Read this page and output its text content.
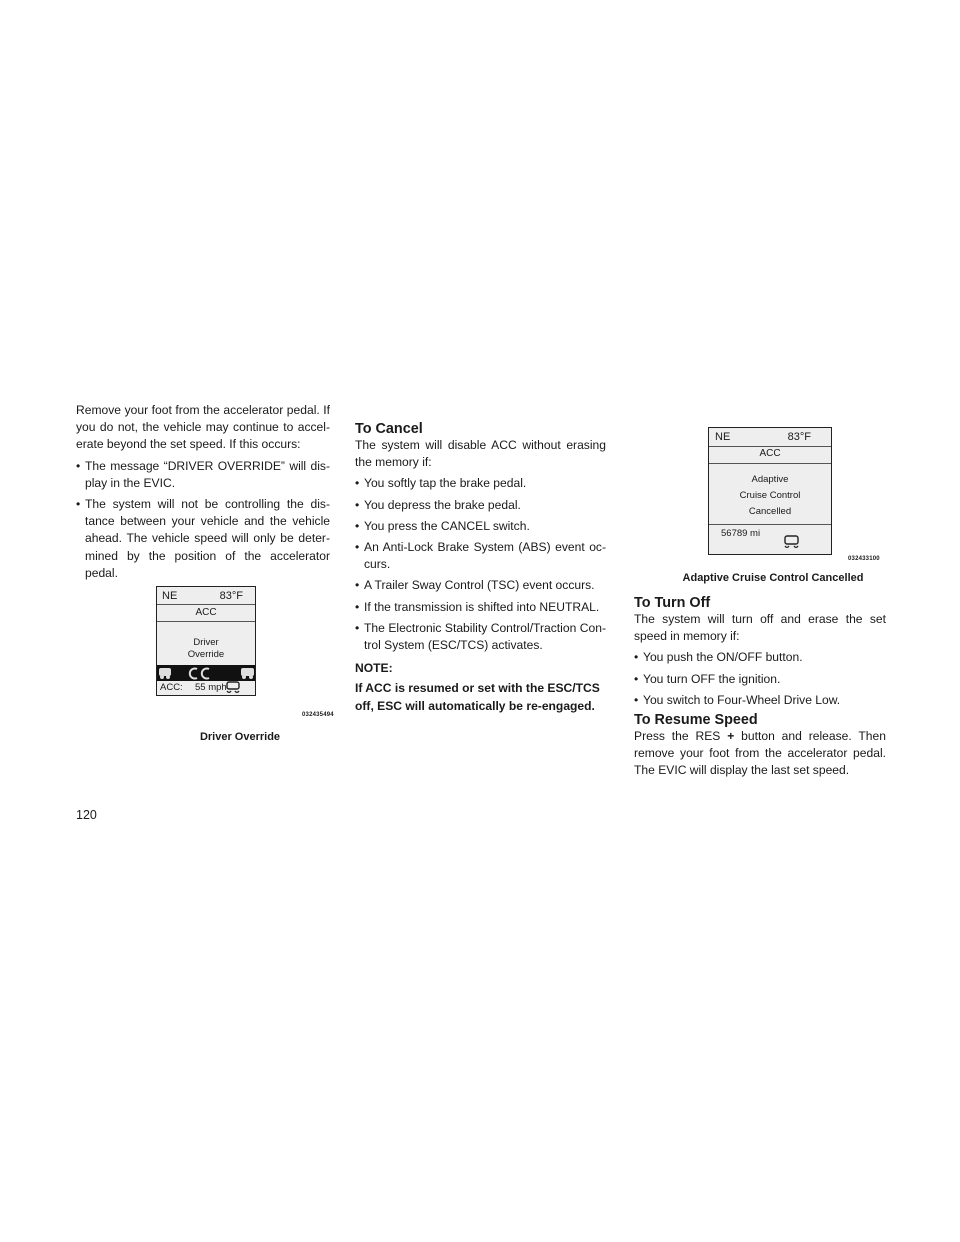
Remove your foot from the accelerator pedal. If you do not, the vehicle may continue to accel-erate beyond the set speed. If this occurs:

• The message “DRIVER OVERRIDE” will dis-play in the EVIC.
• The system will not be controlling the dis-tance between your vehicle and the vehicle ahead. The vehicle speed will only be deter-mined by the position of the accelerator pedal.
NE	83°F
ACC
Driver
Override
ACC: 55 mph
032435494
Driver Override
To Cancel

The system will disable ACC without erasing the memory if:

• You softly tap the brake pedal.
• You depress the brake pedal.
• You press the CANCEL switch.
• An Anti-Lock Brake System (ABS) event oc-curs.
• A Trailer Sway Control (TSC) event occurs.
• If the transmission is shifted into NEUTRAL.
• The Electronic Stability Control/Traction Con-trol System (ESC/TCS) activates.

NOTE:

If ACC is resumed or set with the ESC/TCS off, ESC will automatically be re-engaged.

NE	83°F
ACC
Adaptive
Cruise Control
Cancelled
56789 mi
032433100
Adaptive Cruise Control Cancelled
To Turn Off

The system will turn off and erase the set speed in memory if:

• You push the ON/OFF button.
• You turn OFF the ignition.
• You switch to Four-Wheel Drive Low.
To Resume Speed

Press the RES + button and release. Then remove your foot from the accelerator pedal. The EVIC will display the last set speed.

120
